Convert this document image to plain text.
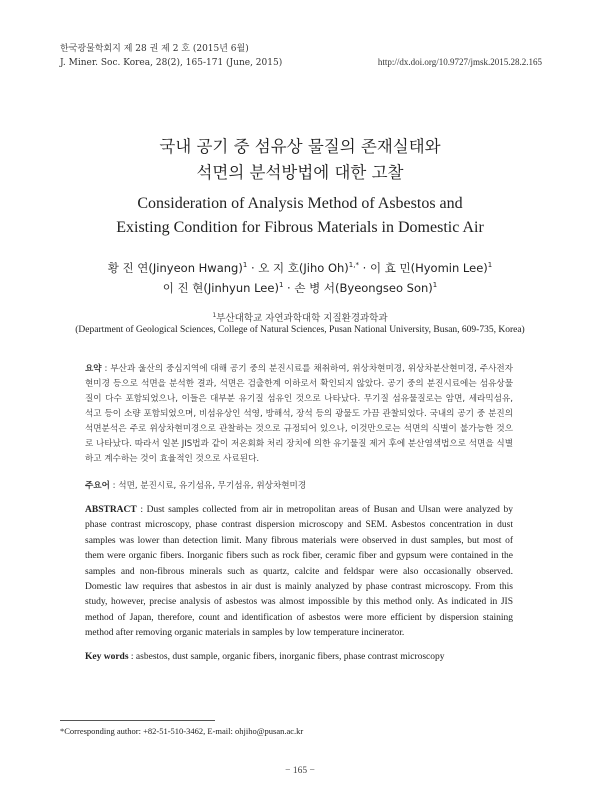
한국광물학회지 제 28 권 제 2 호 (2015년 6월)
J. Miner. Soc. Korea, 28(2), 165-171 (June, 2015)	http://dx.doi.org/10.9727/jmsk.2015.28.2.165
국내 공기 중 섬유상 물질의 존재실태와
석면의 분석방법에 대한 고찰
Consideration of Analysis Method of Asbestos and
Existing Condition for Fibrous Materials in Domestic Air
황 진 연(Jinyeon Hwang)$^1$ · 오 지 호(Jiho Oh)$^{1,*}$ · 이 효 민(Hyomin Lee)$^1$
이 진 현(Jinhyun Lee)$^1$ · 손 병 서(Byeongseo Son)$^1$
$^1$부산대학교 자연과학대학 지질환경과학과
(Department of Geological Sciences, College of Natural Sciences, Pusan National University, Busan, 609-735, Korea)
요약 : 부산과 울산의 중심지역에 대해 공기 중의 분진시료를 채취하여, 위상차현미경, 위상차분산현미경, 주사전자현미경 등으로 석면을 분석한 결과, 석면은 검출한계 이하로서 확인되지 않았다. 공기 중의 분진시료에는 섬유상물질이 다수 포함되었으나, 이들은 대부분 유기질 섬유인 것으로 나타났다. 무기질 섬유물질로는 암면, 세라믹섬유, 석고 등이 소량 포함되었으며, 비섬유상인 석영, 방해석, 장석 등의 광물도 가끔 관찰되었다. 국내의 공기 중 분진의 석면분석은 주로 위상차현미경으로 관찰하는 것으로 규정되어 있으나, 이것만으로는 석면의 식별이 불가능한 것으로 나타났다. 따라서 일본 JIS법과 같이 저온회화 처리 장치에 의한 유기물질 제거 후에 분산염색법으로 석면을 식별하고 계수하는 것이 효율적인 것으로 사료된다.
주요어 : 석면, 분진시료, 유기섬유, 무기섬유, 위상차현미경
ABSTRACT : Dust samples collected from air in metropolitan areas of Busan and Ulsan were analyzed by phase contrast microscopy, phase contrast dispersion microscopy and SEM. Asbestos concentration in dust samples was lower than detection limit. Many fibrous materials were observed in dust samples, but most of them were organic fibers. Inorganic fibers such as rock fiber, ceramic fiber and gypsum were contained in the samples and non-fibrous minerals such as quartz, calcite and feldspar were also occasionally observed. Domestic law requires that asbestos in air dust is mainly analyzed by phase contrast microscopy. From this study, however, precise analysis of asbestos was almost impossible by this method only. As indicated in JIS method of Japan, therefore, count and identification of asbestos were more efficient by dispersion staining method after removing organic materials in samples by low temperature incinerator.
Key words : asbestos, dust sample, organic fibers, inorganic fibers, phase contrast microscopy
*Corresponding author: +82-51-510-3462, E-mail: ohjiho@pusan.ac.kr
− 165 −
